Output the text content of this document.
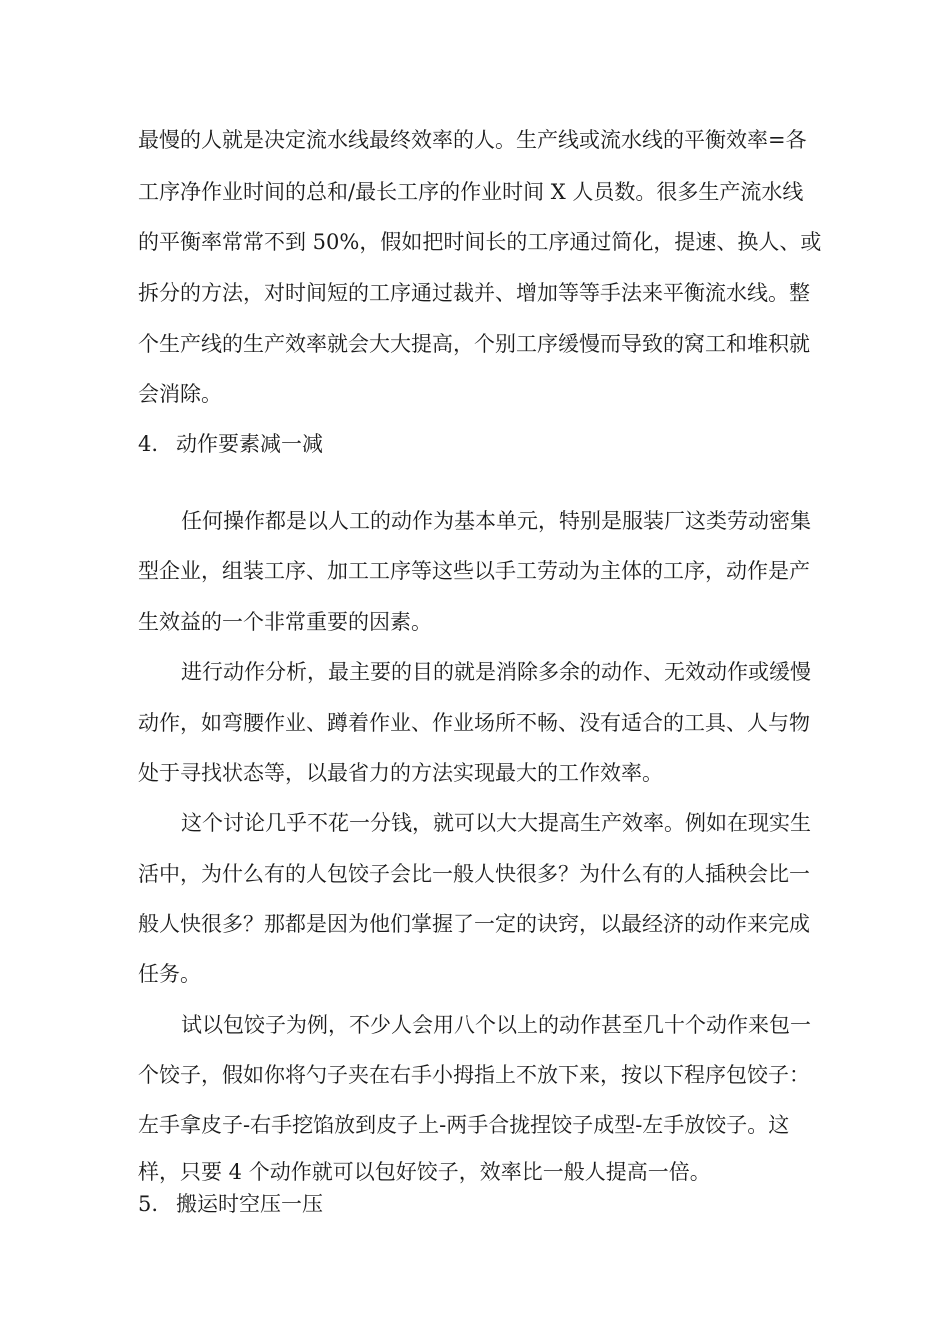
最慢的人就是决定流水线最终效率的人。生产线或流水线的平衡效率=各
工序净作业时间的总和/最长工序的作业时间 X 人员数。很多生产流水线
的平衡率常常不到 50%，假如把时间长的工序通过简化，提速、换人、或
拆分的方法，对时间短的工序通过裁并、增加等等手法来平衡流水线。整
个生产线的生产效率就会大大提高，个别工序缓慢而导致的窝工和堆积就
会消除。
4. 动作要素减一减
任何操作都是以人工的动作为基本单元，特别是服装厂这类劳动密集
型企业，组装工序、加工工序等这些以手工劳动为主体的工序，动作是产
生效益的一个非常重要的因素。
进行动作分析，最主要的目的就是消除多余的动作、无效动作或缓慢
动作，如弯腰作业、蹲着作业、作业场所不畅、没有适合的工具、人与物
处于寻找状态等，以最省力的方法实现最大的工作效率。
这个讨论几乎不花一分钱，就可以大大提高生产效率。例如在现实生
活中，为什么有的人包饺子会比一般人快很多？为什么有的人插秧会比一
般人快很多？那都是因为他们掌握了一定的诀窍，以最经济的动作来完成
任务。
试以包饺子为例，不少人会用八个以上的动作甚至几十个动作来包一
个饺子，假如你将勺子夹在右手小拇指上不放下来，按以下程序包饺子：
左手拿皮子-右手挖馅放到皮子上-两手合拢捏饺子成型-左手放饺子。这
样，只要 4 个动作就可以包好饺子，效率比一般人提高一倍。
5. 搬运时空压一压
